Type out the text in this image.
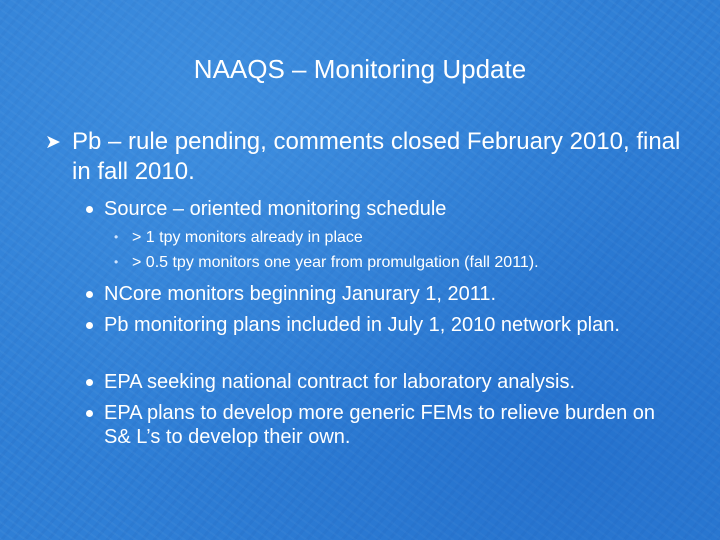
NAAQS – Monitoring Update
➤ Pb – rule pending, comments closed February 2010, final in fall 2010.
Source – oriented monitoring schedule
• > 1 tpy monitors already in place
• > 0.5 tpy monitors one year from promulgation (fall 2011).
NCore monitors beginning Janurary 1, 2011.
Pb monitoring plans included in July 1, 2010 network plan.
EPA seeking national contract for laboratory analysis.
EPA plans to develop more generic FEMs to relieve burden on S& L’s to develop their own.
